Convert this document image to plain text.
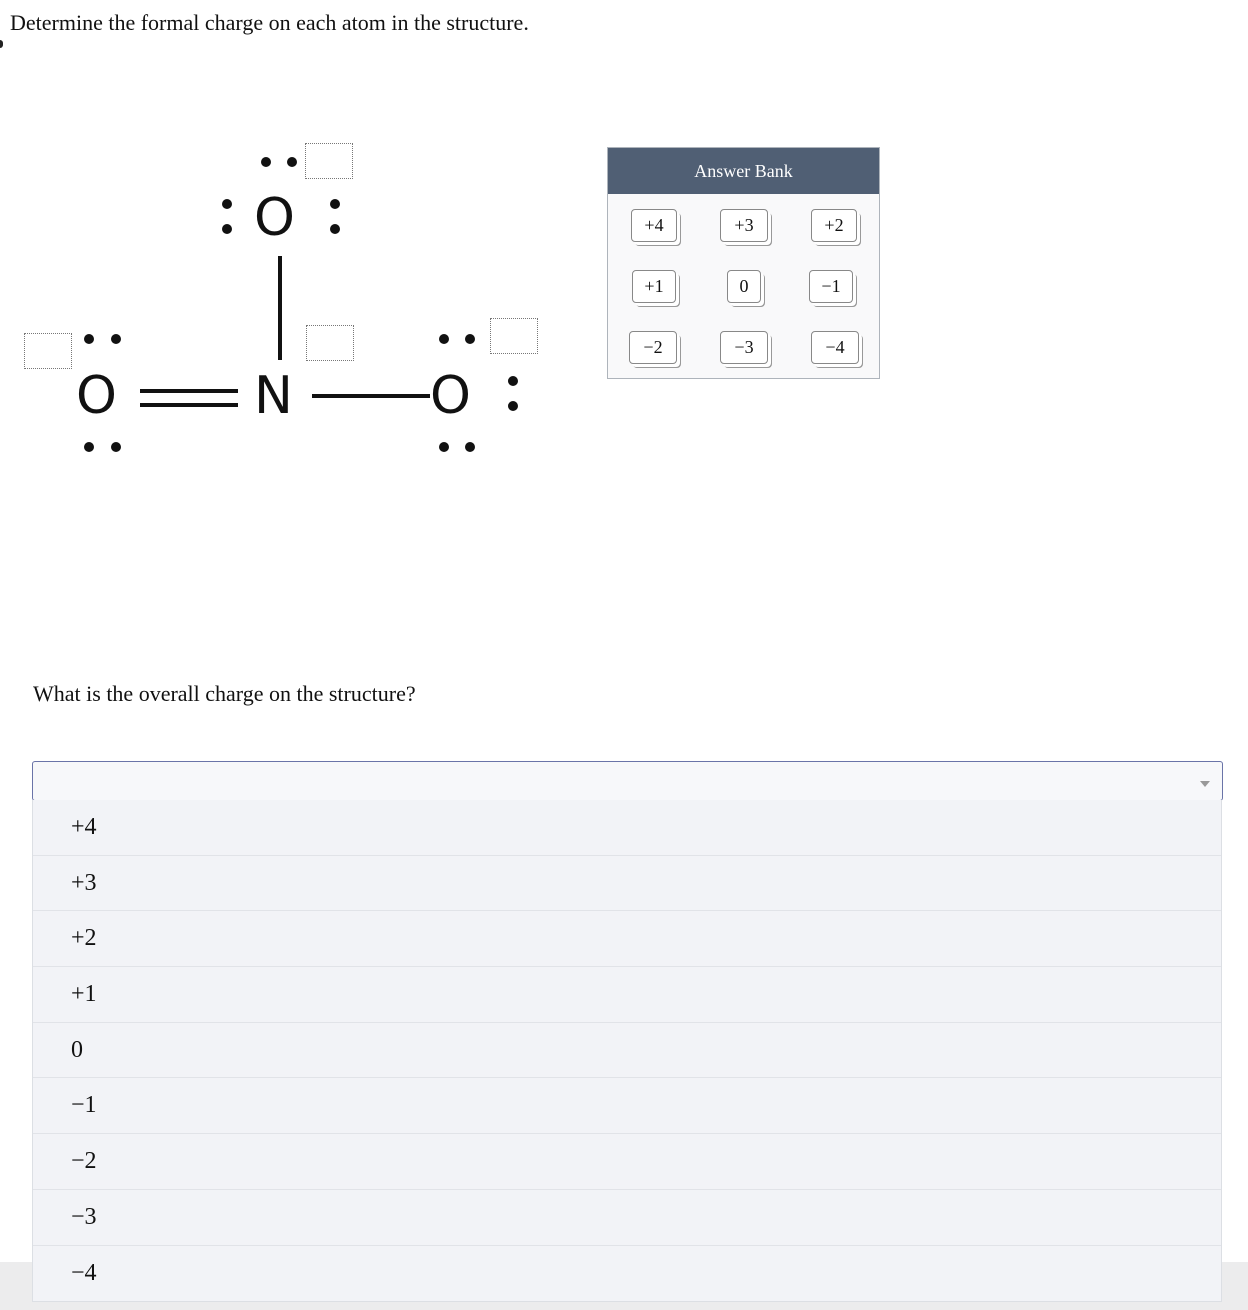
Determine the formal charge on each atom in the structure.
O
O	N	O
Answer Bank
+4	+3	+2
+1	0	−1
−2	−3	−4
What is the overall charge on the structure?
+4
+3
+2
+1
0
−1
−2
−3
−4
